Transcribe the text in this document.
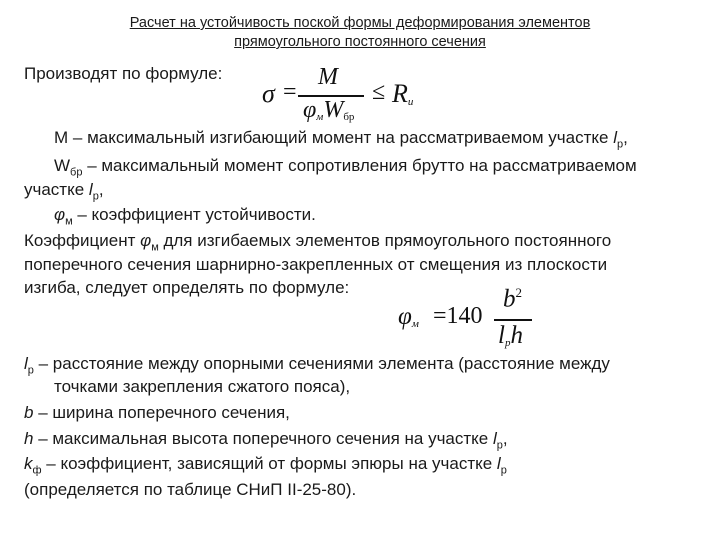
Расчет на устойчивость поской формы деформирования элементов
прямоугольного постоянного сечения
Производят по формуле:
σ =
M
φмWбр
≤ Rи
М – максимальный изгибающий момент на рассматриваемом участке $l_р$,
$W_{бр}$ – максимальный момент сопротивления брутто на рассматриваемом
участке $l_р$,
$\varphi_м$ – коэффициент устойчивости.
Коэффициент $\varphi_м$ для изгибаемых элементов прямоугольного постоянного
поперечного сечения шарнирно-закрепленных от смещения из плоскости
изгиба, следует определять по формуле:
φм =140
$b^2$
lрh
$l_р$ – расстояние между опорными сечениями элемента (расстояние между
точками закрепления сжатого пояса),
b – ширина поперечного сечения,
h – максимальная высота поперечного сечения на участке $l_р$,
$k_ф$ – коэффициент, зависящий от формы эпюры на участке $l_р$
(определяется по таблице СНиП II-25-80).
